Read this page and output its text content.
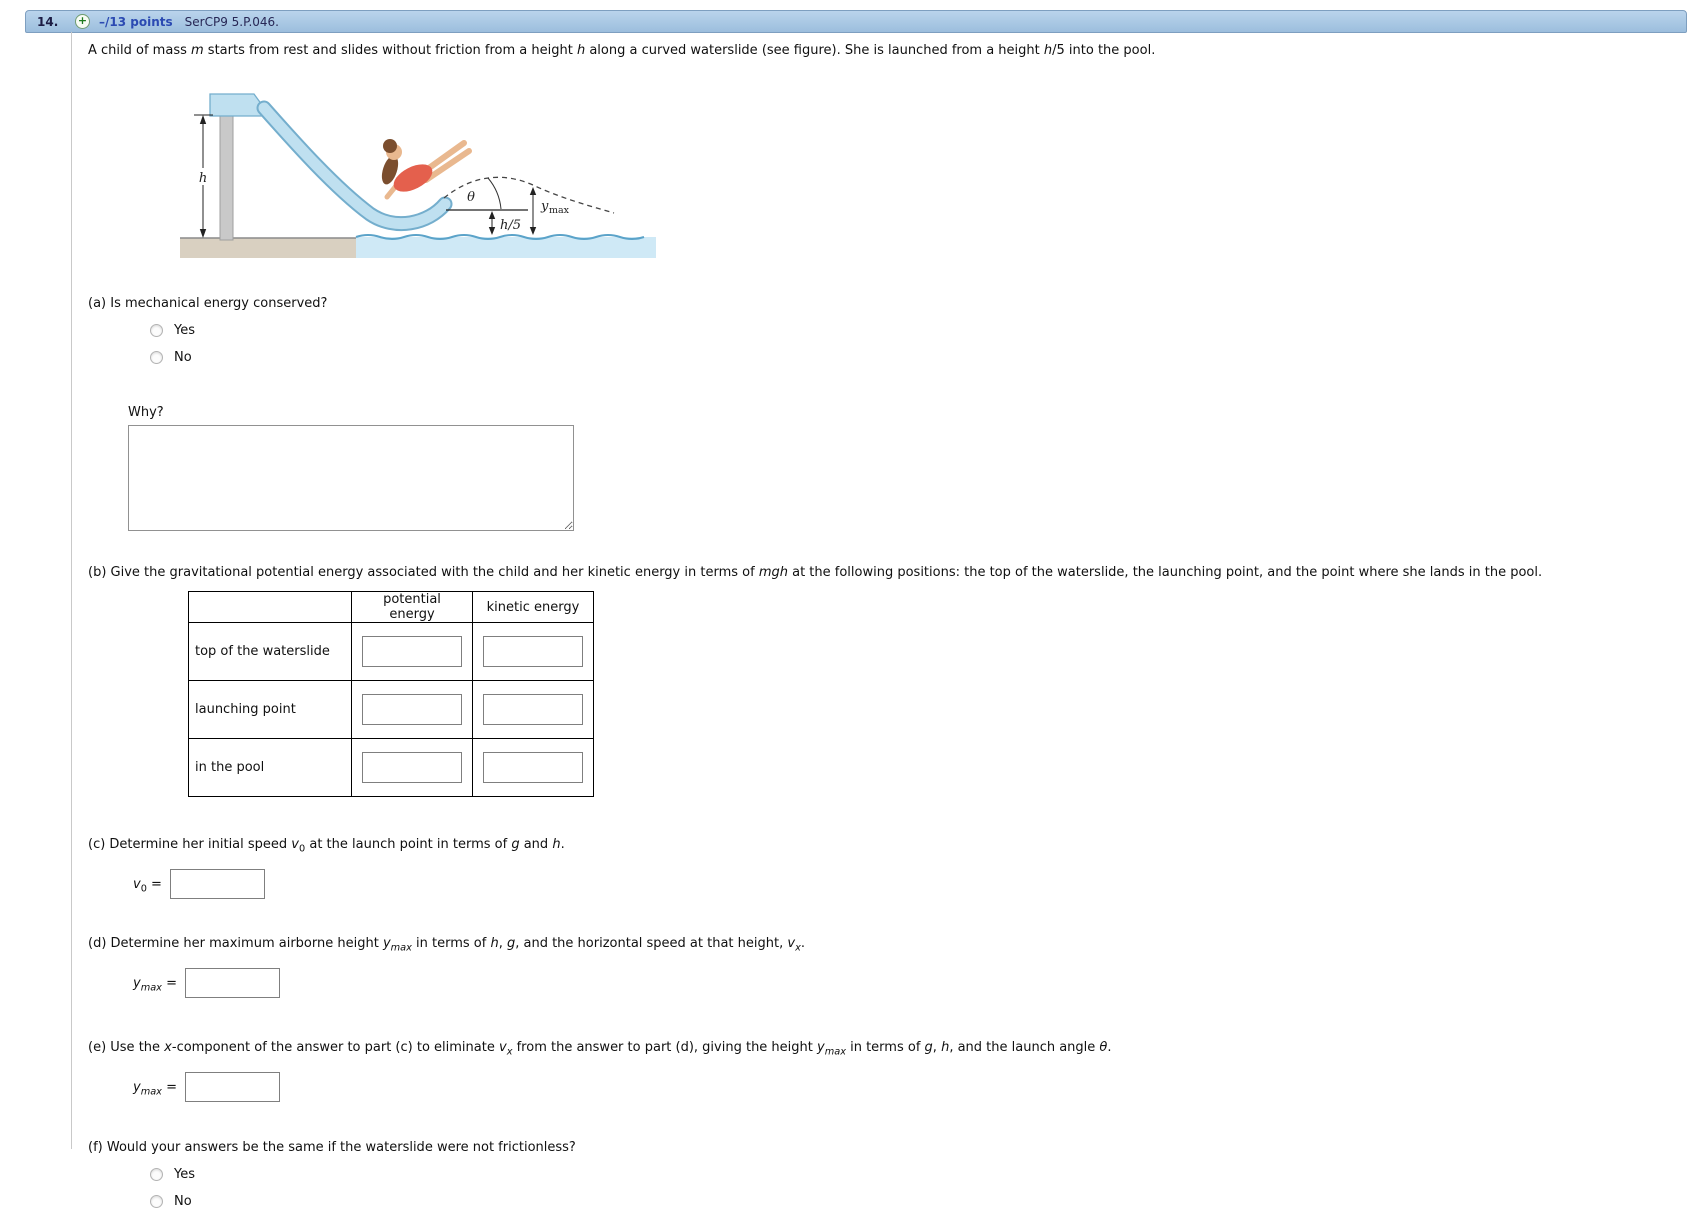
14.	+ –/13 points SerCP9 5.P.046.
A child of mass m starts from rest and slides without friction from a height h along a curved waterslide (see figure). She is launched from a height h/5 into the pool.
h
θ
h/5
y max
(a) Is mechanical energy conserved?
Yes
No
Why?
(b) Give the gravitational potential energy associated with the child and her kinetic energy in terms of mgh at the following positions: the top of the waterslide, the launching point, and the point where she lands in the pool.
	potential energy	kinetic energy
top of the waterslide		
launching point		
in the pool		
(c) Determine her initial speed $v_0$ at the launch point in terms of g and h.
$v_0$ =
(d) Determine her maximum airborne height $y_{max}$ in terms of h, g, and the horizontal speed at that height, $v_x$.
$y_{max}$ =
(e) Use the x-component of the answer to part (c) to eliminate $v_x$ from the answer to part (d), giving the height $y_{max}$ in terms of g, h, and the launch angle θ.
$y_{max}$ =
(f) Would your answers be the same if the waterslide were not frictionless?
Yes
No
